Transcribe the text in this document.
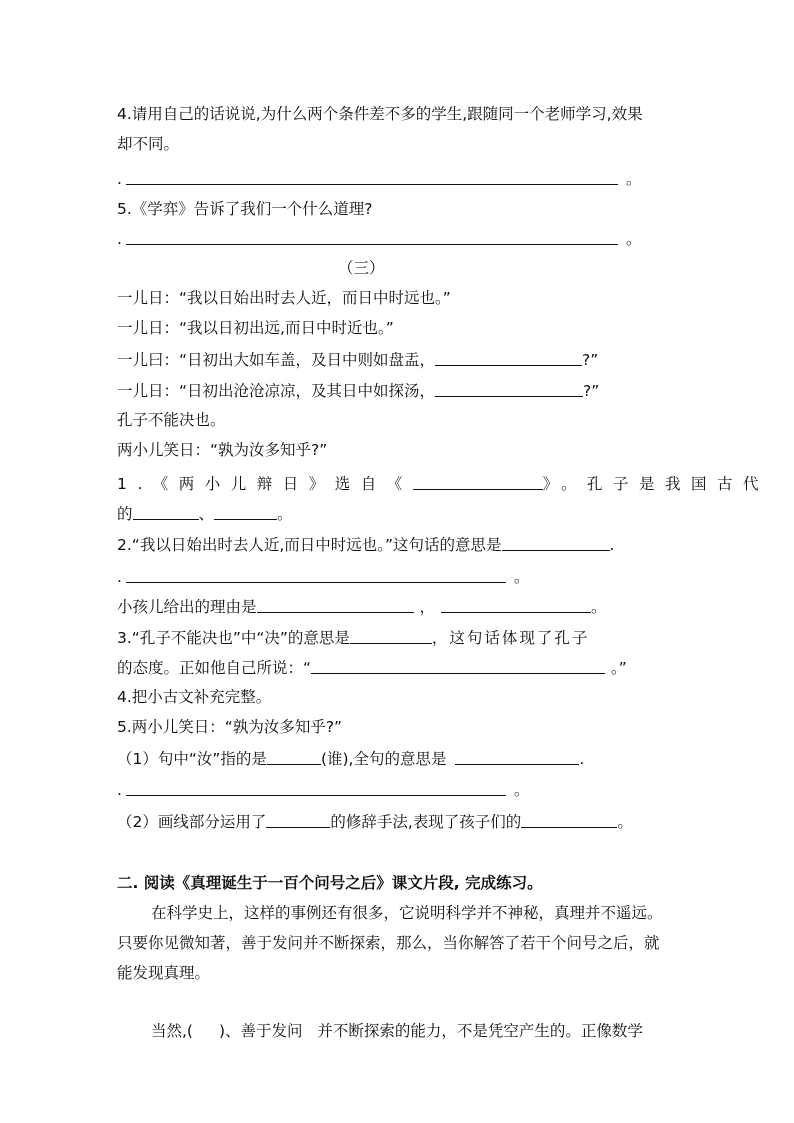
4.请用自己的话说说,为什么两个条件差不多的学生,跟随同一个老师学习,效果
却不同。
.	。
5.《学弈》告诉了我们一个什么道理?
.	。
（三）
一儿日：“我以日始出时去人近，而日中时远也。”
一儿日：“我以日初出远,而日中时近也。”
一儿曰：“日初出大如车盖，及日中则如盘盂，	?”
一儿日：“日初出沧沧凉凉，及其日中如探汤，	?”
孔子不能决也。
两小儿笑日：“孰为汝多知乎?”
1.《两小儿辩日》选自《	》。孔子是我国古代
的	、	。
2.“我以日始出时去人近,而日中时远也。”这句话的意思是	.
.	。
小孩儿给出的理由是	，	。
3.“孔子不能决也”中“决”的意思是	，这句话体现了孔子
的态度。正如他自己所说：“	。”
4.把小古文补充完整。
5.两小儿笑日：“孰为汝多知乎?”
（1）句中“汝”指的是	(谁),全句的意思是	.
.	。
（2）画线部分运用了	的修辞手法,表现了孩子们的	。
二. 阅读《真理诞生于一百个问号之后》课文片段, 完成练习。
在科学史上，这样的事例还有很多，它说明科学并不神秘，真理并不遥远。
只要你见微知著，善于发问并不断探索，那么，当你解答了若干个问号之后，就
能发现真理。
当然,( )、善于发问   并不断探索的能力，不是凭空产生的。正像数学
